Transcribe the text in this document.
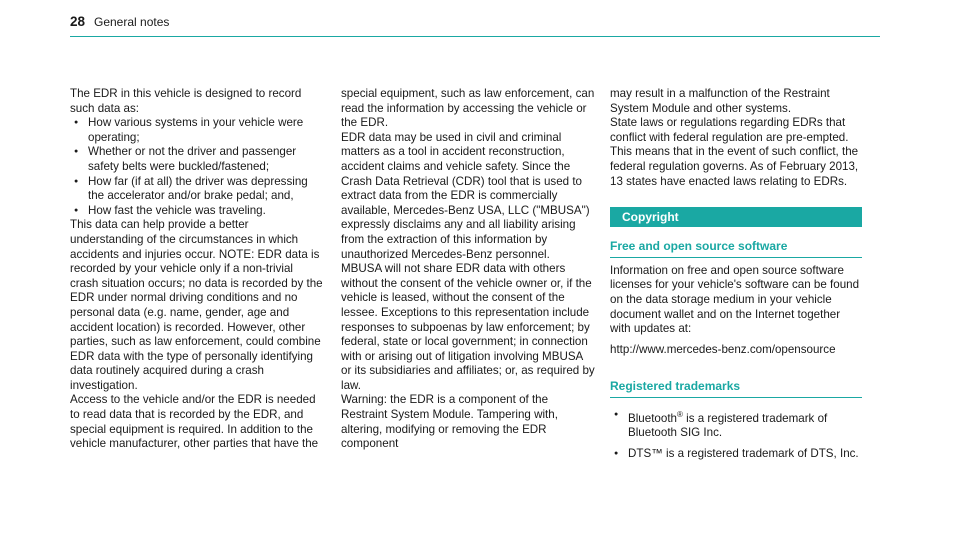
28 General notes

The EDR in this vehicle is designed to record such data as:

● How various systems in your vehicle were operating;
● Whether or not the driver and passenger safety belts were buckled/fastened;
● How far (if at all) the driver was depressing the accelerator and/or brake pedal; and,
● How fast the vehicle was traveling.

This data can help provide a better understanding of the circumstances in which accidents and injuries occur. NOTE: EDR data is recorded by your vehicle only if a non-trivial crash situation occurs; no data is recorded by the EDR under normal driving conditions and no personal data (e.g. name, gender, age and accident location) is recorded. However, other parties, such as law enforcement, could combine EDR data with the type of personally identifying data routinely acquired during a crash investigation.

Access to the vehicle and/or the EDR is needed to read data that is recorded by the EDR, and special equipment is required. In addition to the vehicle manufacturer, other parties that have the

special equipment, such as law enforcement, can read the information by accessing the vehicle or the EDR.

EDR data may be used in civil and criminal matters as a tool in accident reconstruction, accident claims and vehicle safety. Since the Crash Data Retrieval (CDR) tool that is used to extract data from the EDR is commercially available, Mercedes-Benz USA, LLC ("MBUSA") expressly disclaims any and all liability arising from the extraction of this information by unauthorized Mercedes-Benz personnel.

MBUSA will not share EDR data with others without the consent of the vehicle owner or, if the vehicle is leased, without the consent of the lessee. Exceptions to this representation include responses to subpoenas by law enforcement; by federal, state or local government; in connection with or arising out of litigation involving MBUSA or its subsidiaries and affiliates; or, as required by law.

Warning: the EDR is a component of the Restraint System Module. Tampering with, altering, modifying or removing the EDR component

may result in a malfunction of the Restraint System Module and other systems.

State laws or regulations regarding EDRs that conflict with federal regulation are pre-empted. This means that in the event of such conflict, the federal regulation governs. As of February 2013, 13 states have enacted laws relating to EDRs.

Copyright
Free and open source software

Information on free and open source software licenses for your vehicle's software can be found on the data storage medium in your vehicle document wallet and on the Internet together with updates at:

http://www.mercedes-benz.com/opensource

Registered trademarks
● Bluetooth® is a registered trademark of Bluetooth SIG Inc.
● DTS™ is a registered trademark of DTS, Inc.
